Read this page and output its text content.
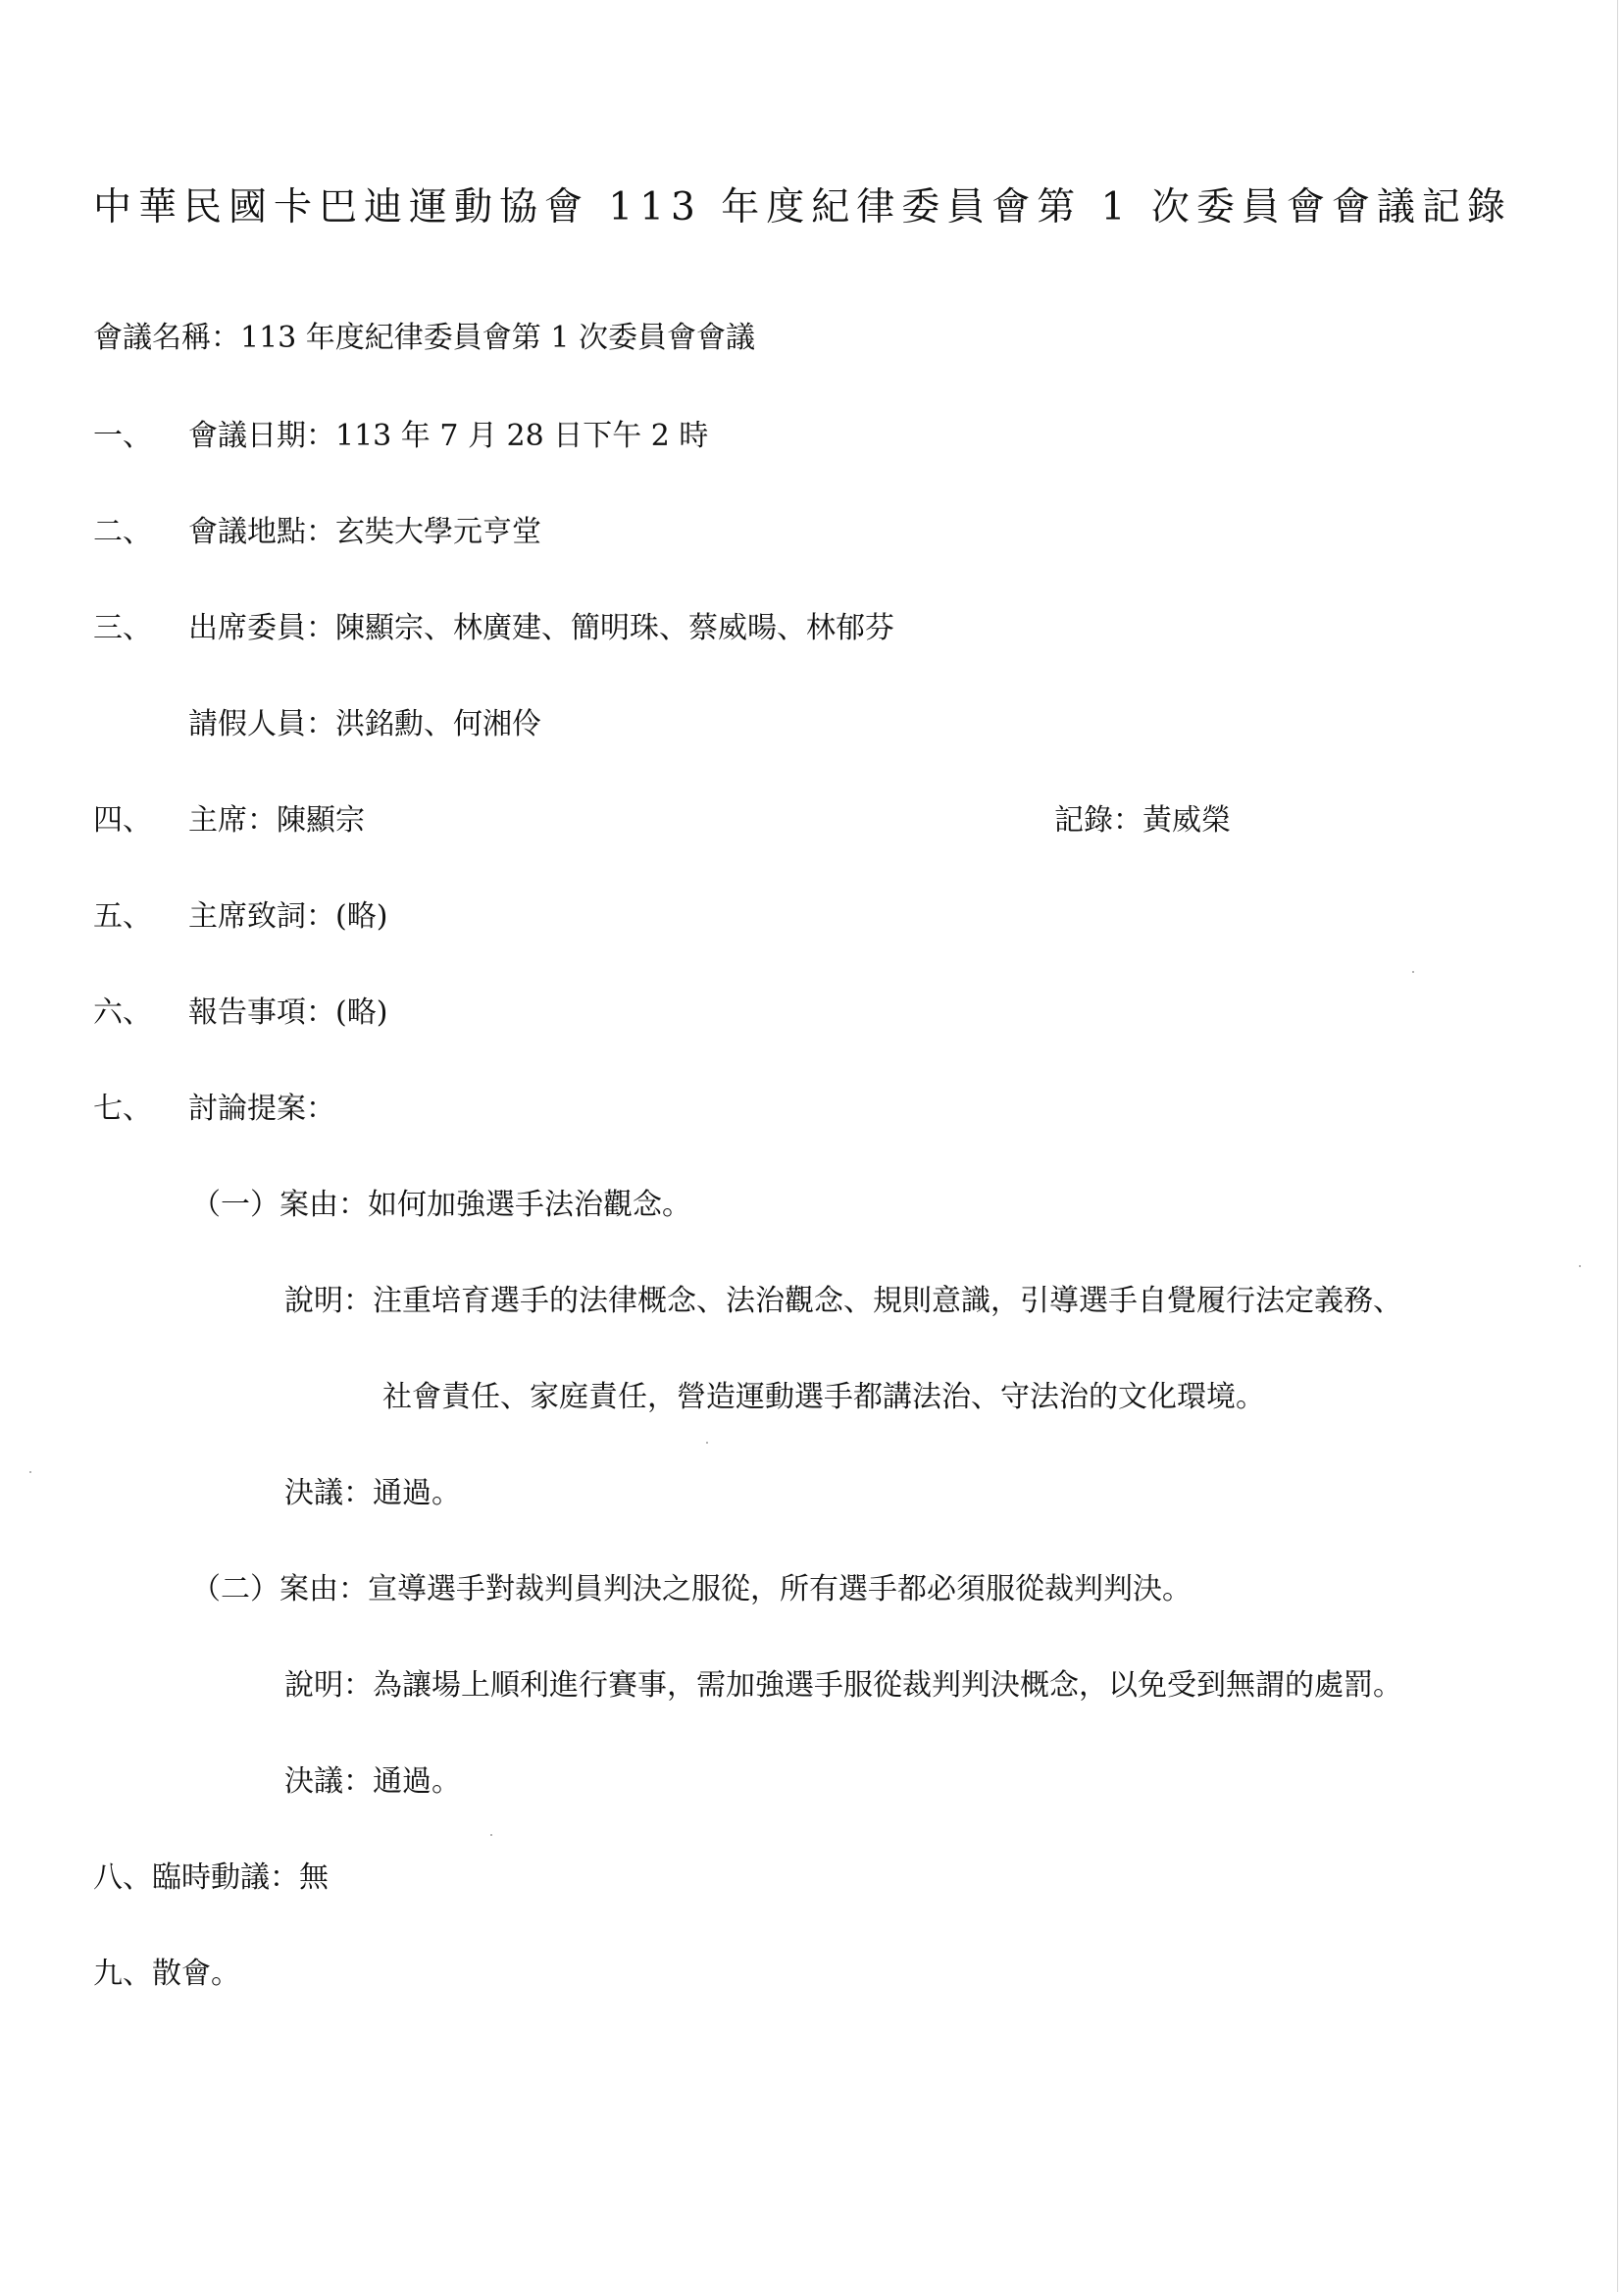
中華民國卡巴迪運動協會 113 年度紀律委員會第 1 次委員會會議記錄
會議名稱：113 年度紀律委員會第 1 次委員會會議
一、 會議日期：113 年 7 月 28 日下午 2 時
二、 會議地點：玄奘大學元亨堂
三、 出席委員：陳顯宗、林廣建、簡明珠、蔡威暘、林郁芬
請假人員：洪銘勳、何湘伶
四、 主席：陳顯宗	記錄：黃威榮
五、 主席致詞：(略)
六、 報告事項：(略)
七、 討論提案：
（一）案由：如何加強選手法治觀念。
說明：注重培育選手的法律概念、法治觀念、規則意識，引導選手自覺履行法定義務、
社會責任、家庭責任，營造運動選手都講法治、守法治的文化環境。
決議：通過。
（二）案由：宣導選手對裁判員判決之服從，所有選手都必須服從裁判判決。
說明：為讓場上順利進行賽事，需加強選手服從裁判判決概念，以免受到無謂的處罰。
決議：通過。
八、臨時動議：無
九、散會。
